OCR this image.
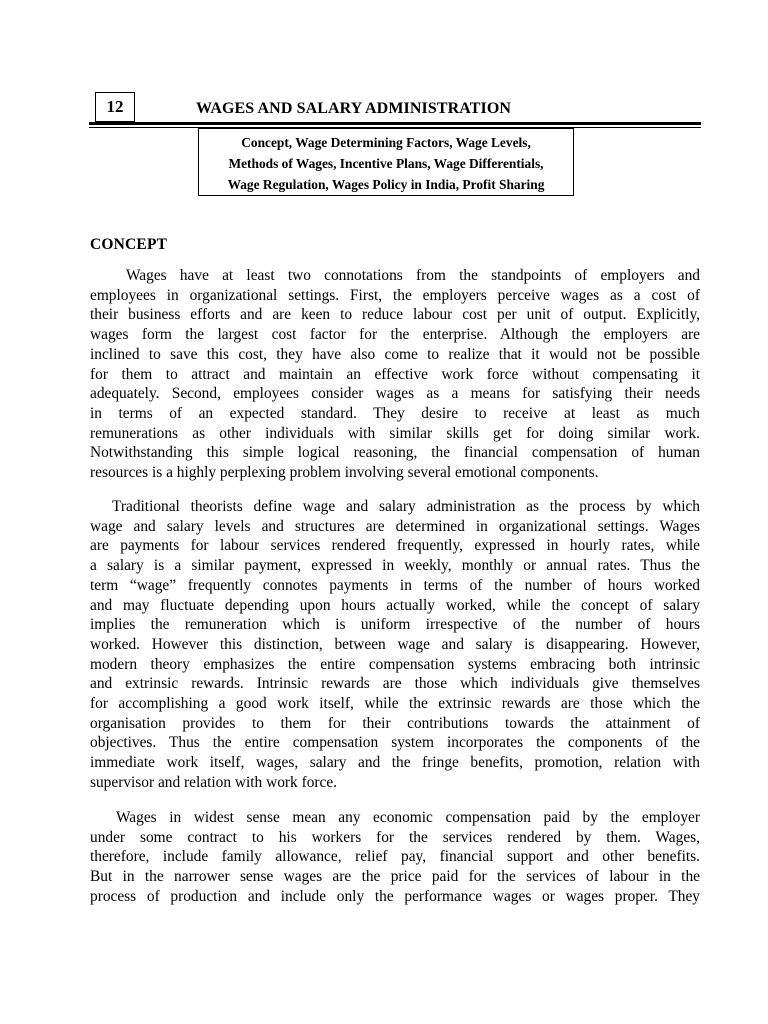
12	WAGES AND SALARY ADMINISTRATION
Concept, Wage Determining Factors, Wage Levels,
Methods of Wages, Incentive Plans, Wage Differentials,
Wage Regulation, Wages Policy in India, Profit Sharing
CONCEPT

Wages have at least two connotations from the standpoints of employers and
employees in organizational settings. First, the employers perceive wages as a cost of
their business efforts and are keen to reduce labour cost per unit of output. Explicitly,
wages form the largest cost factor for the enterprise. Although the employers are
inclined to save this cost, they have also come to realize that it would not be possible
for them to attract and maintain an effective work force without compensating it
adequately. Second, employees consider wages as a means for satisfying their needs
in terms of an expected standard. They desire to receive at least as much
remunerations as other individuals with similar skills get for doing similar work.
Notwithstanding this simple logical reasoning, the financial compensation of human
resources is a highly perplexing problem involving several emotional components.

Traditional theorists define wage and salary administration as the process by which
wage and salary levels and structures are determined in organizational settings. Wages
are payments for labour services rendered frequently, expressed in hourly rates, while
a salary is a similar payment, expressed in weekly, monthly or annual rates. Thus the
term “wage” frequently connotes payments in terms of the number of hours worked
and may fluctuate depending upon hours actually worked, while the concept of salary
implies the remuneration which is uniform irrespective of the number of hours
worked. However this distinction, between wage and salary is disappearing. However,
modern theory emphasizes the entire compensation systems embracing both intrinsic
and extrinsic rewards. Intrinsic rewards are those which individuals give themselves
for accomplishing a good work itself, while the extrinsic rewards are those which the
organisation provides to them for their contributions towards the attainment of
objectives. Thus the entire compensation system incorporates the components of the
immediate work itself, wages, salary and the fringe benefits, promotion, relation with
supervisor and relation with work force.

Wages in widest sense mean any economic compensation paid by the employer
under some contract to his workers for the services rendered by them. Wages,
therefore, include family allowance, relief pay, financial support and other benefits.
But in the narrower sense wages are the price paid for the services of labour in the
process of production and include only the performance wages or wages proper. They
